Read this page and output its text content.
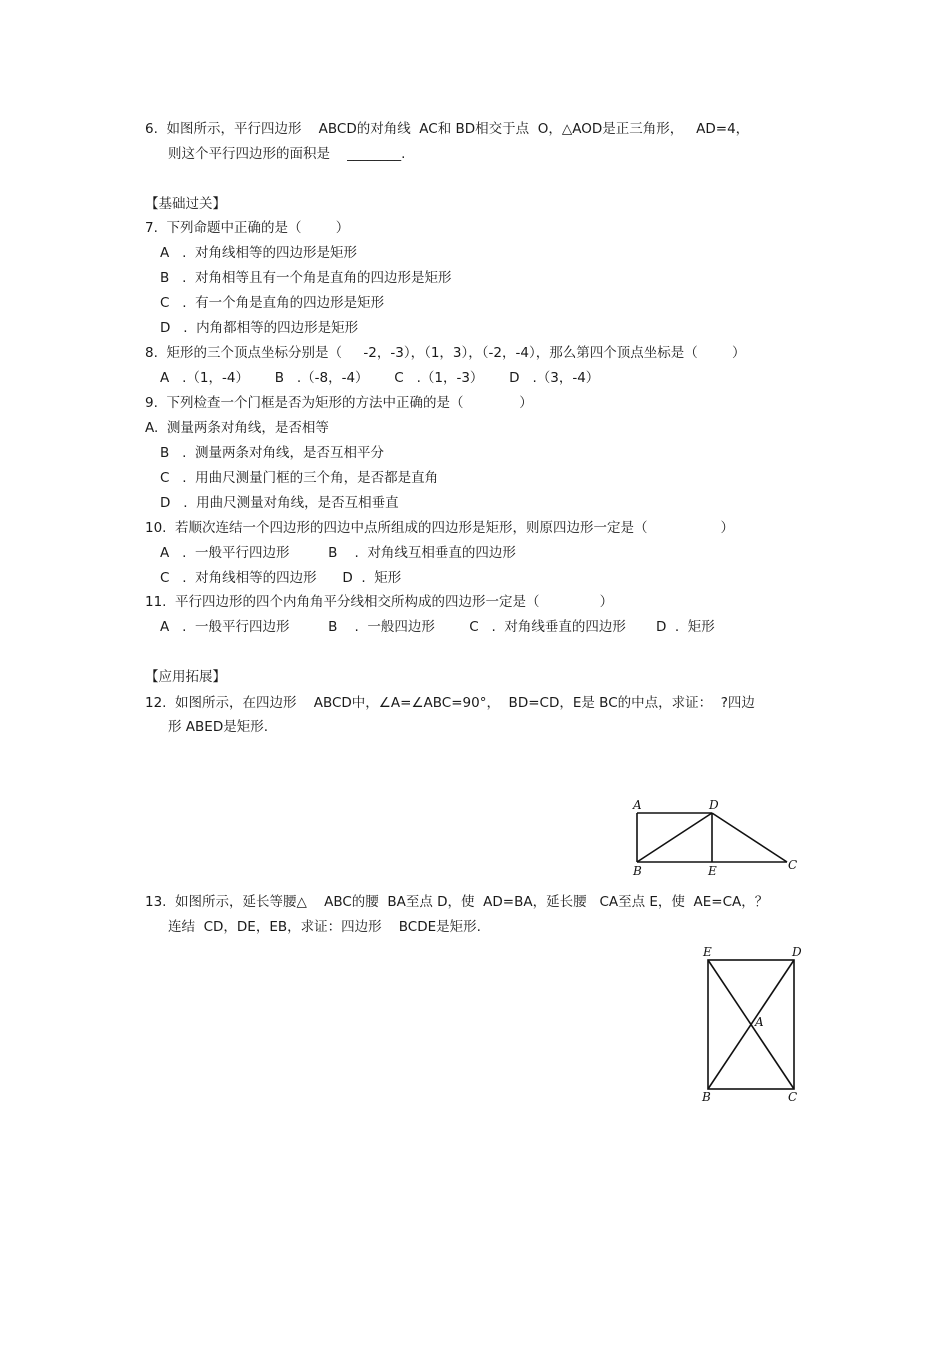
6.  如图所示，平行四边形    ABCD的对角线  AC和 BD相交于点  O，△AOD是正三角形，   AD=4，
则这个平行四边形的面积是    ________.
【基础过关】
7.  下列命题中正确的是（        ）
A   .  对角线相等的四边形是矩形
B   .  对角相等且有一个角是直角的四边形是矩形
C   .  有一个角是直角的四边形是矩形
D   .  内角都相等的四边形是矩形
8.  矩形的三个顶点坐标分别是（     -2，-3），（1，3），（-2，-4），那么第四个顶点坐标是（        ）
A   .（1，-4）      B   .（-8，-4）      C   .（1，-3）      D   .（3，-4）
9.  下列检查一个门框是否为矩形的方法中正确的是（             ）
A.  测量两条对角线，是否相等
B   .  测量两条对角线，是否互相平分
C   .  用曲尺测量门框的三个角，是否都是直角
D   .  用曲尺测量对角线，是否互相垂直
10.  若顺次连结一个四边形的四边中点所组成的四边形是矩形，则原四边形一定是（                 ）
A   .  一般平行四边形         B    .  对角线互相垂直的四边形
C   .  对角线相等的四边形      D  .  矩形
11.  平行四边形的四个内角角平分线相交所构成的四边形一定是（              ）
A   .  一般平行四边形         B    .  一般四边形        C   .  对角线垂直的四边形       D  .  矩形
【应用拓展】
12.  如图所示，在四边形    ABCD中，∠A=∠ABC=90°，  BD=CD，E是 BC的中点，求证：  ?四边
形 ABED是矩形.
A	D
B	E	C
13.  如图所示，延长等腰△    ABC的腰  BA至点 D，使  AD=BA，延长腰   CA至点 E，使  AE=CA，？
连结  CD，DE，EB，求证：四边形    BCDE是矩形.
E	D
A
B	C
